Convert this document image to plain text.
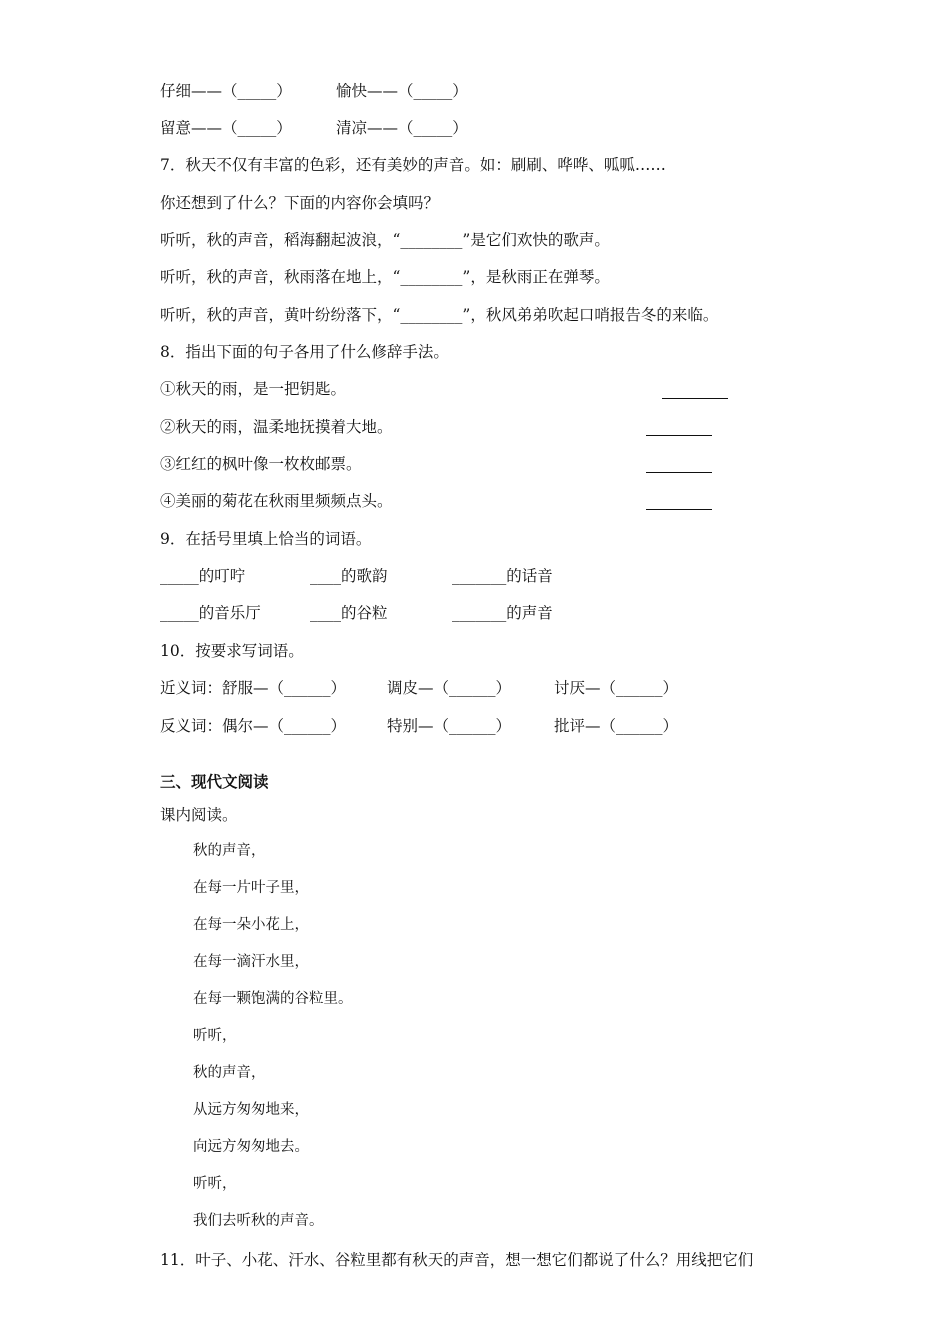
仔细——（_____）	愉快——（_____）
留意——（_____）	清凉——（_____）
7．秋天不仅有丰富的色彩，还有美妙的声音。如：刷刷、哗哗、呱呱……
你还想到了什么？下面的内容你会填吗？
听听，秋的声音，稻海翻起波浪，“________”是它们欢快的歌声。
听听，秋的声音，秋雨落在地上，“________”，是秋雨正在弹琴。
听听，秋的声音，黄叶纷纷落下，“________”，秋风弟弟吹起口哨报告冬的来临。
8．指出下面的句子各用了什么修辞手法。
①秋天的雨，是一把钥匙。
②秋天的雨，温柔地抚摸着大地。
③红红的枫叶像一枚枚邮票。
④美丽的菊花在秋雨里频频点头。
9．在括号里填上恰当的词语。
_____的叮咛	____的歌韵	_______的话音
_____的音乐厅	____的谷粒	_______的声音
10．按要求写词语。
近义词：舒服—（______）	调皮—（______）	讨厌—（______）
反义词：偶尔—（______）	特别—（______）	批评—（______）
三、现代文阅读
课内阅读。
秋的声音，
在每一片叶子里，
在每一朵小花上，
在每一滴汗水里，
在每一颗饱满的谷粒里。
听听，
秋的声音，
从远方匆匆地来，
向远方匆匆地去。
听听，
我们去听秋的声音。
11．叶子、小花、汗水、谷粒里都有秋天的声音，想一想它们都说了什么？用线把它们
